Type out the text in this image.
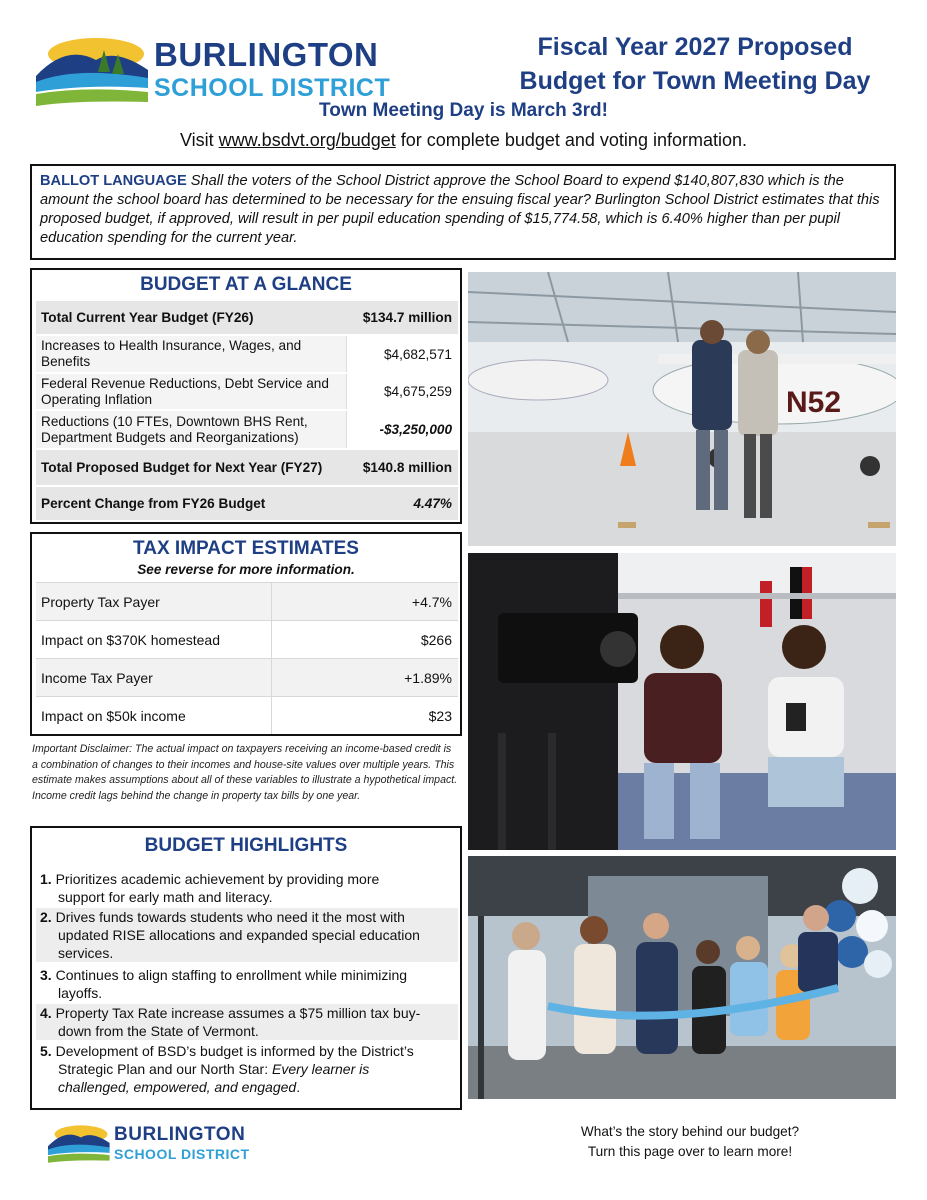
BURLINGTON
SCHOOL DISTRICT
Fiscal Year 2027 Proposed
Budget for Town Meeting Day
Town Meeting Day is March 3rd!
Visit www.bsdvt.org/budget for complete budget and voting information.
BALLOT LANGUAGE Shall the voters of the School District approve the School Board to expend $140,807,830 which is the amount the school board has determined to be necessary for the ensuing fiscal year? Burlington School District estimates that this proposed budget, if approved, will result in per pupil education spending of $15,774.58, which is 6.40% higher than per pupil education spending for the current year.
BUDGET AT A GLANCE
Total Current Year Budget (FY26)	$134.7 million
Increases to Health Insurance, Wages, and Benefits	$4,682,571
Federal Revenue Reductions, Debt Service and Operating Inflation	$4,675,259
Reductions (10 FTEs, Downtown BHS Rent, Department Budgets and Reorganizations)	-$3,250,000
Total Proposed Budget for Next Year (FY27)	$140.8 million
Percent Change from FY26 Budget	4.47%
TAX IMPACT ESTIMATES
See reverse for more information.
Property Tax Payer	+4.7%
Impact on $370K homestead	$266
Income Tax Payer	+1.89%
Impact on $50k income	$23
Important Disclaimer: The actual impact on taxpayers receiving an income-based credit is a combination of changes to their incomes and house-site values over multiple years. This estimate makes assumptions about all of these variables to illustrate a hypothetical impact. Income credit lags behind the change in property tax bills by one year.
BUDGET HIGHLIGHTS
1. Prioritizes academic achievement by providing more
support for early math and literacy.
2. Drives funds towards students who need it the most with
updated RISE allocations and expanded special education
services.
3. Continues to align staffing to enrollment while minimizing
layoffs.
4. Property Tax Rate increase assumes a $75 million tax buy-
down from the State of Vermont.
5. Development of BSD’s budget is informed by the District’s
Strategic Plan and our North Star: Every learner is
challenged, empowered, and engaged.
N52
BURLINGTON
SCHOOL DISTRICT
What’s the story behind our budget?
Turn this page over to learn more!
